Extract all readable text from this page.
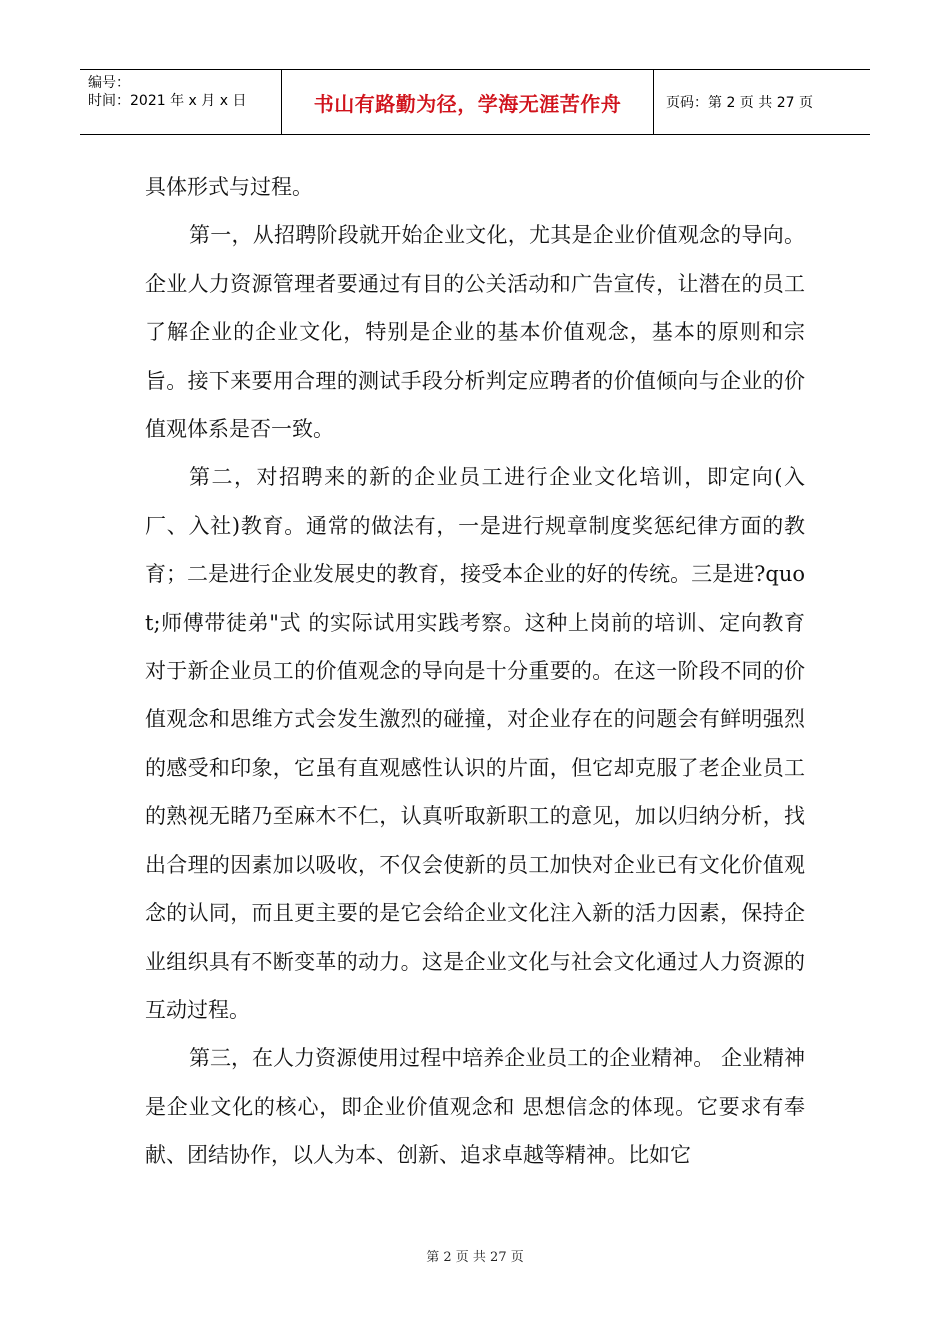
编号：
时间：2021 年 x 月 x 日	书山有路勤为径，学海无涯苦作舟	页码：第 2 页 共 27 页

具体形式与过程。

第一，从招聘阶段就开始企业文化，尤其是企业价值观念的导向。企业人力资源管理者要通过有目的公关活动和广告宣传，让潜在的员工了解企业的企业文化，特别是企业的基本价值观念，基本的原则和宗旨。接下来要用合理的测试手段分析判定应聘者的价值倾向与企业的价值观体系是否一致。

第二，对招聘来的新的企业员工进行企业文化培训，即定向(入厂、入社)教育。通常的做法有，一是进行规章制度奖惩纪律方面的教育；二是进行企业发展史的教育，接受本企业的好的传统。三是进?quot;师傅带徒弟"式 的实际试用实践考察。这种上岗前的培训、定向教育对于新企业员工的价值观念的导向是十分重要的。在这一阶段不同的价值观念和思维方式会发生激烈的碰撞，对企业存在的问题会有鲜明强烈的感受和印象，它虽有直观感性认识的片面，但它却克服了老企业员工的熟视无睹乃至麻木不仁，认真听取新职工的意见，加以归纳分析，找出合理的因素加以吸收，不仅会使新的员工加快对企业已有文化价值观念的认同，而且更主要的是它会给企业文化注入新的活力因素，保持企业组织具有不断变革的动力。这是企业文化与社会文化通过人力资源的互动过程。

第三，在人力资源使用过程中培养企业员工的企业精神。 企业精神是企业文化的核心，即企业价值观念和 思想信念的体现。它要求有奉献、团结协作，以人为本、创新、追求卓越等精神。比如它

第 2 页 共 27 页
